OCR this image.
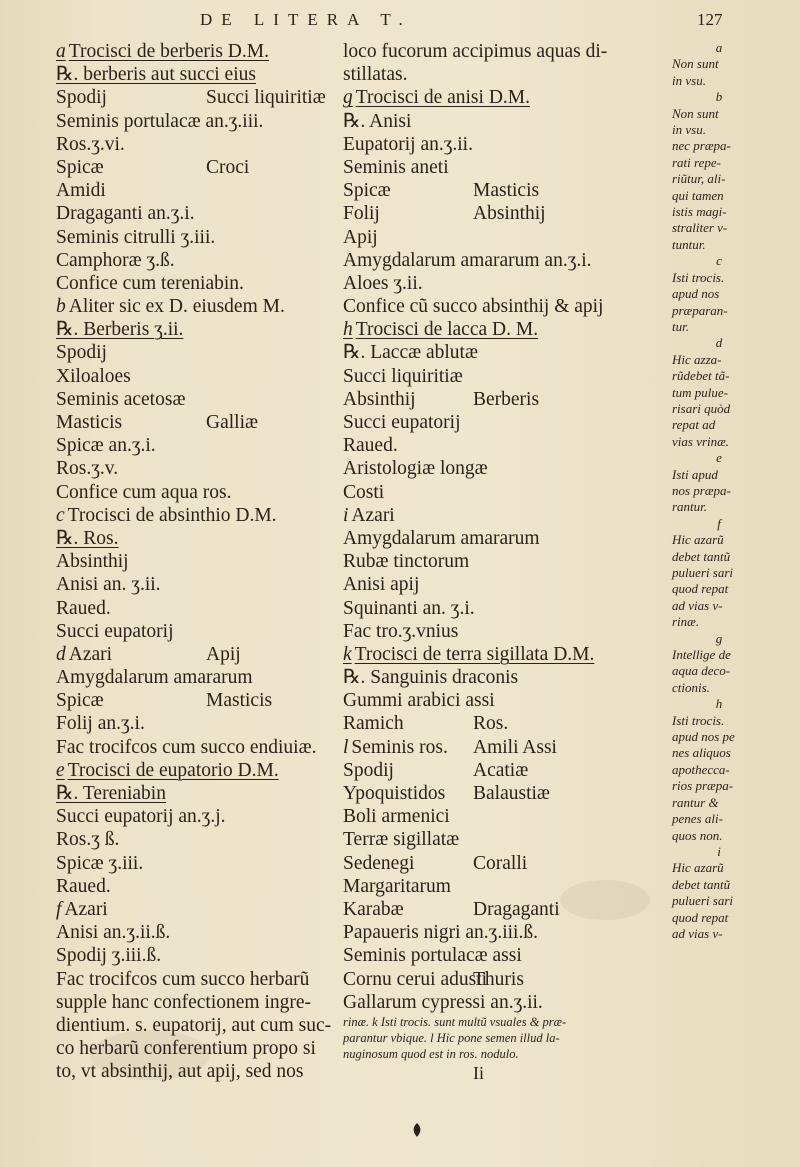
DE LITERA T.	127
a Trocisci de berberis D.M.
℞. berberis aut succi eius
Spodij	Succi liquiritiæ
Seminis portulacæ an.ʒ.iii.
Ros.ʒ.vi.
Spicæ	Croci
Amidi
Dragaganti an.ʒ.i.
Seminis citrulli ʒ.iii.
Camphoræ ʒ.ß.
Confice cum tereniabin.
b Aliter sic ex D. eiusdem M.
℞. Berberis ʒ.ii.
Spodij
Xiloaloes
Seminis acetosæ
Masticis	Galliæ
Spicæ an.ʒ.i.
Ros.ʒ.v.
Confice cum aqua ros.
c Trocisci de absinthio D.M.
℞. Ros.
Absinthij
Anisi an. ʒ.ii.
Raued.
Succi eupatorij
d Azari	Apij
Amygdalarum amararum
Spicæ	Masticis
Folij an.ʒ.i.
Fac trocifcos cum succo endiuiæ.
e Trocisci de eupatorio D.M.
℞. Tereniabin
Succi eupatorij an.ʒ.j.
Ros.ʒ ß.
Spicæ ʒ.iii.
Raued.
f Azari
Anisi an.ʒ.ii.ß.
Spodij ʒ.iii.ß.
Fac trocifcos cum succo herbarũ
supple hanc confectionem ingre-
dientium. s. eupatorij, aut cum suc-
co herbarũ conferentium propo si
to, vt absinthij, aut apij, sed nos
loco fucorum accipimus aquas di-
stillatas.
g Trocisci de anisi D.M.
℞. Anisi
Eupatorij an.ʒ.ii.
Seminis aneti
Spicæ	Masticis
Folij	Absinthij
Apij
Amygdalarum amararum an.ʒ.i.
Aloes ʒ.ii.
Confice cũ succo absinthij & apij
h Trocisci de lacca D. M.
℞. Laccæ ablutæ
Succi liquiritiæ
Absinthij	Berberis
Succi eupatorij
Raued.
Aristologiæ longæ
Costi
i Azari
Amygdalarum amararum
Rubæ tinctorum
Anisi apij
Squinanti an. ʒ.i.
Fac tro.ʒ.vnius
k Trocisci de terra sigillata D.M.
℞. Sanguinis draconis
Gummi arabici assi
Ramich	Ros.
l Seminis ros. Amili Assi
Spodij	Acatiæ
Ypoquistidos Balaustiæ
Boli armenici
Terræ sigillatæ
Sedenegi	Coralli
Margaritarum
Karabæ	Dragaganti
Papaueris nigri an.ʒ.iii.ß.
Seminis portulacæ assi
Cornu cerui adusti
Thuris
Gallarum cypressi an.ʒ.ii.
rinæ. k Isti trocis. sunt multũ vsuales & præ-
parantur vbique. l Hic pone semen illud la-
nuginosum quod est in ros. nodulo.
Ii
a
Non sunt
in vsu.
b
Non sunt
in vsu.
nec præpa-
rati repe-
riũtur, ali-
qui tamen
istis magi-
straliter v-
tuntur.
c
Isti trocis.
apud nos
præparan-
tur.
d
Hic azza-
rũdebet tã-
tum pulue-
risari quòd
repat ad
vias vrinæ.
e
Isti apud
nos præpa-
rantur.
f
Hic azarũ
debet tantũ
pulueri sari
quod repat
ad vias v-
rinæ.
g
Intellige de
aqua deco-
ctionis.
h
Isti trocis.
apud nos pe
nes aliquos
apothecca-
rios præpa-
rantur &
penes ali-
quos non.
i
Hic azarũ
debet tantũ
pulueri sari
quod repat
ad vias v-
